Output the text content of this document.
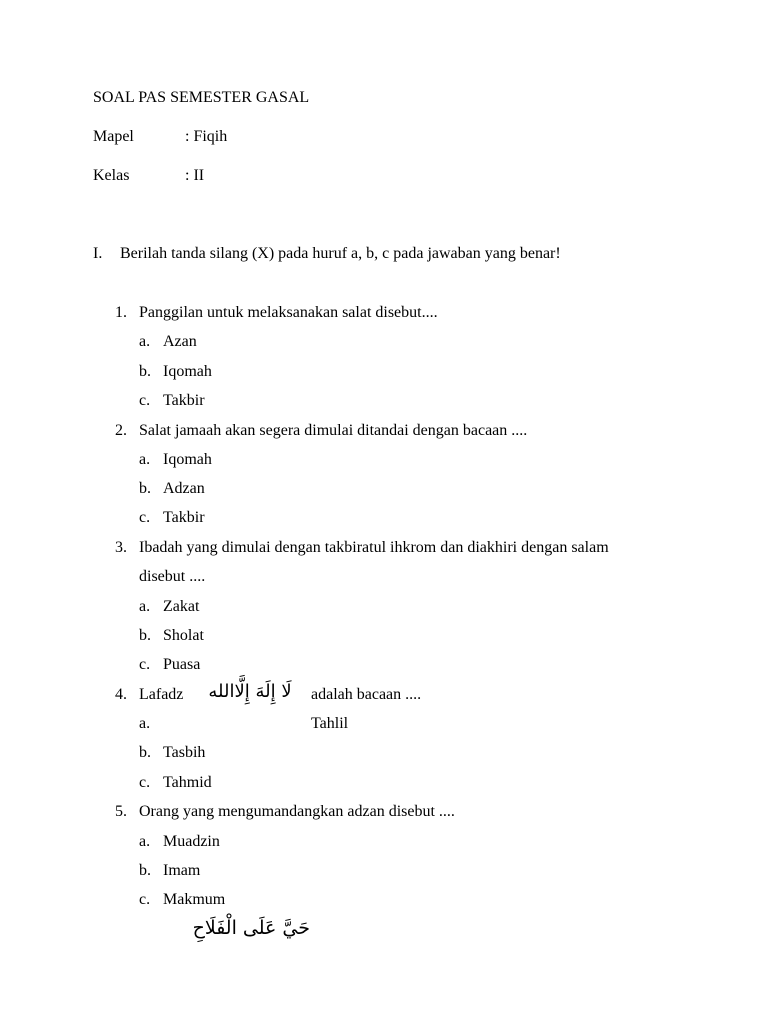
SOAL PAS SEMESTER GASAL
Mapel	: Fiqih
Kelas	: II
I. Berilah tanda silang (X) pada huruf a, b, c pada jawaban yang benar!
1. Panggilan untuk melaksanakan salat disebut....
a. Azan
b. Iqomah
c. Takbir
2. Salat jamaah akan segera dimulai ditandai dengan bacaan ....
a. Iqomah
b. Adzan
c. Takbir
3. Ibadah yang dimulai dengan takbiratul ihkrom dan diakhiri dengan salam
disebut ....
a. Zakat
b. Sholat
c. Puasa
4. Lafadz	لَا إِلَهَ إِلَّاالله	adalah bacaan ....
a.	Tahlil
b. Tasbih
c. Tahmid
5. Orang yang mengumandangkan adzan disebut ....
a. Muadzin
b. Imam
c. Makmum
حَيَّ عَلَى الْفَلَاحِ
